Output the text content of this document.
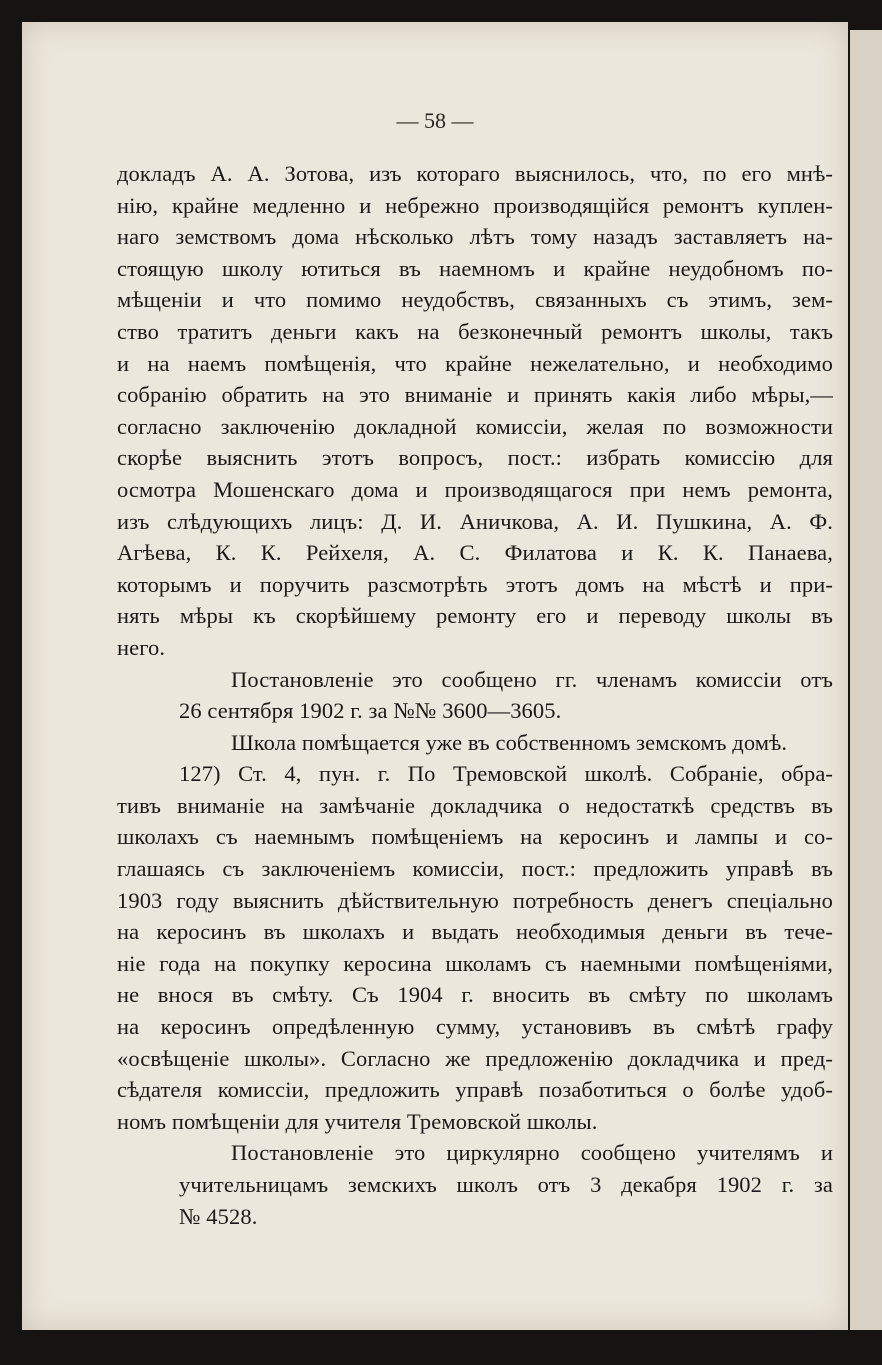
— 58 —
докладъ А. А. Зотова, изъ котораго выяснилось, что, по его мнѣ-
нію, крайне медленно и небрежно производящійся ремонтъ куплен-
наго земствомъ дома нѣсколько лѣтъ тому назадъ заставляетъ на-
стоящую школу ютиться въ наемномъ и крайне неудобномъ по-
мѣщеніи и что помимо неудобствъ, связанныхъ съ этимъ, зем-
ство тратитъ деньги какъ на безконечный ремонтъ школы, такъ
и на наемъ помѣщенія, что крайне нежелательно, и необходимо
собранію обратить на это вниманіе и принять какія либо мѣры,—
согласно заключенію докладной комиссіи, желая по возможности
скорѣе выяснить этотъ вопросъ, пост.: избрать комиссію для
осмотра Мошенскаго дома и производящагося при немъ ремонта,
изъ слѣдующихъ лицъ: Д. И. Аничкова, А. И. Пушкина, А. Ф.
Агѣева, К. К. Рейхеля, А. С. Филатова и К. К. Панаева,
которымъ и поручить разсмотрѣть этотъ домъ на мѣстѣ и при-
нять мѣры къ скорѣйшему ремонту его и переводу школы въ
него.
Постановленіе это сообщено гг. членамъ комиссіи отъ
26 сентября 1902 г. за №№ 3600—3605.
Школа помѣщается уже въ собственномъ земскомъ домѣ.
127) Ст. 4, пун. г. По Тремовской школѣ. Собраніе, обра-
тивъ вниманіе на замѣчаніе докладчика о недостаткѣ средствъ въ
школахъ съ наемнымъ помѣщеніемъ на керосинъ и лампы и со-
глашаясь съ заключеніемъ комиссіи, пост.: предложить управѣ въ
1903 году выяснить дѣйствительную потребность денегъ спеціально
на керосинъ въ школахъ и выдать необходимыя деньги въ тече-
ніе года на покупку керосина школамъ съ наемными помѣщеніями,
не внося въ смѣту. Съ 1904 г. вносить въ смѣту по школамъ
на керосинъ опредѣленную сумму, установивъ въ смѣтѣ графу
«освѣщеніе школы». Согласно же предложенію докладчика и пред-
сѣдателя комиссіи, предложить управѣ позаботиться о болѣе удоб-
номъ помѣщеніи для учителя Тремовской школы.
Постановленіе это циркулярно сообщено учителямъ и
учительницамъ земскихъ школъ отъ 3 декабря 1902 г. за
№ 4528.
